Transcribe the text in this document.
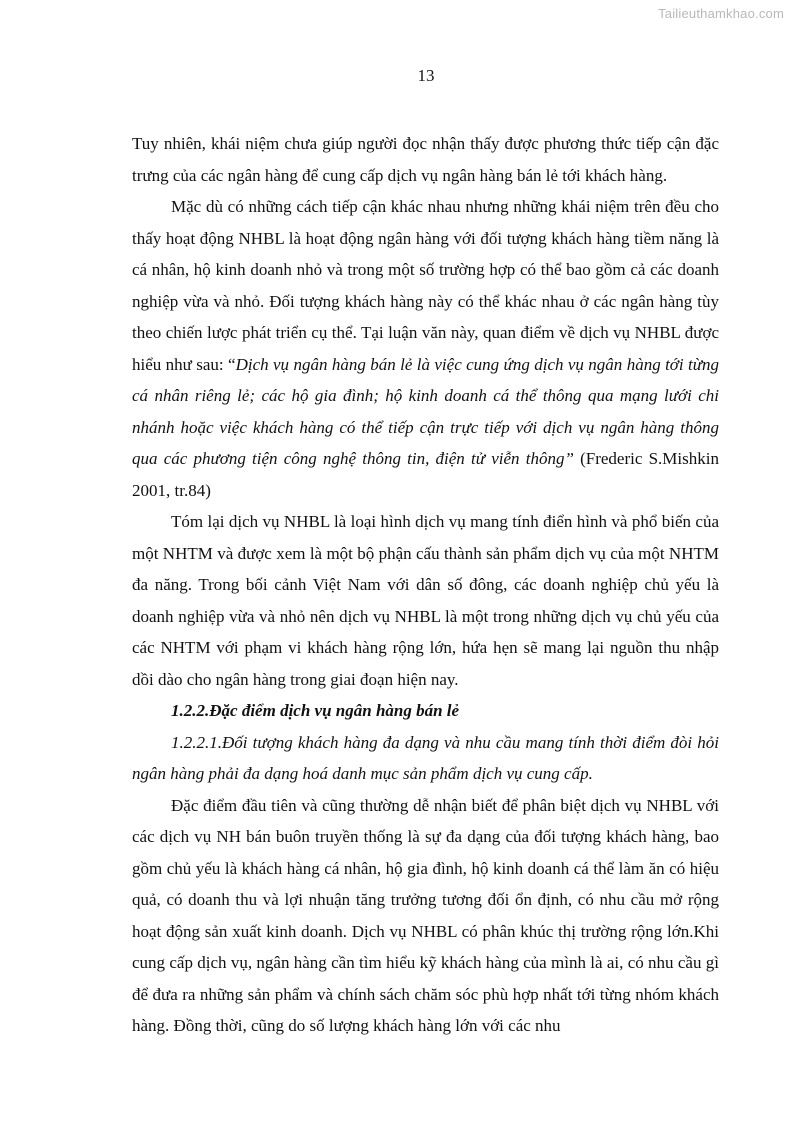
Tailieuthamkhao.com
13

Tuy nhiên, khái niệm chưa giúp người đọc nhận thấy được phương thức tiếp cận đặc trưng của các ngân hàng để cung cấp dịch vụ ngân hàng bán lẻ tới khách hàng.

Mặc dù có những cách tiếp cận khác nhau nhưng những khái niệm trên đều cho thấy hoạt động NHBL là hoạt động ngân hàng với đối tượng khách hàng tiềm năng là cá nhân, hộ kinh doanh nhỏ và trong một số trường hợp có thể bao gồm cả các doanh nghiệp vừa và nhỏ. Đối tượng khách hàng này có thể khác nhau ở các ngân hàng tùy theo chiến lược phát triển cụ thể. Tại luận văn này, quan điểm về dịch vụ NHBL được hiểu như sau: “Dịch vụ ngân hàng bán lẻ là việc cung ứng dịch vụ ngân hàng tới từng cá nhân riêng lẻ; các hộ gia đình; hộ kinh doanh cá thể thông qua mạng lưới chi nhánh hoặc việc khách hàng có thể tiếp cận trực tiếp với dịch vụ ngân hàng thông qua các phương tiện công nghệ thông tin, điện tử viễn thông” (Frederic S.Mishkin 2001, tr.84)

Tóm lại dịch vụ NHBL là loại hình dịch vụ mang tính điển hình và phổ biến của một NHTM và được xem là một bộ phận cấu thành sản phẩm dịch vụ của một NHTM đa năng. Trong bối cảnh Việt Nam với dân số đông, các doanh nghiệp chủ yếu là doanh nghiệp vừa và nhỏ nên dịch vụ NHBL là một trong những dịch vụ chủ yếu của các NHTM với phạm vi khách hàng rộng lớn, hứa hẹn sẽ mang lại nguồn thu nhập dồi dào cho ngân hàng trong giai đoạn hiện nay.

1.2.2.Đặc điểm dịch vụ ngân hàng bán lẻ

1.2.2.1.Đối tượng khách hàng đa dạng và nhu cầu mang tính thời điểm đòi hỏi ngân hàng phải đa dạng hoá danh mục sản phẩm dịch vụ cung cấp.

Đặc điểm đầu tiên và cũng thường dễ nhận biết để phân biệt dịch vụ NHBL với các dịch vụ NH bán buôn truyền thống là sự đa dạng của đối tượng khách hàng, bao gồm chủ yếu là khách hàng cá nhân, hộ gia đình, hộ kinh doanh cá thể làm ăn có hiệu quả, có doanh thu và lợi nhuận tăng trưởng tương đối ổn định, có nhu cầu mở rộng hoạt động sản xuất kinh doanh. Dịch vụ NHBL có phân khúc thị trường rộng lớn.Khi cung cấp dịch vụ, ngân hàng cần tìm hiểu kỹ khách hàng của mình là ai, có nhu cầu gì để đưa ra những sản phẩm và chính sách chăm sóc phù hợp nhất tới từng nhóm khách hàng. Đồng thời, cũng do số lượng khách hàng lớn với các nhu
